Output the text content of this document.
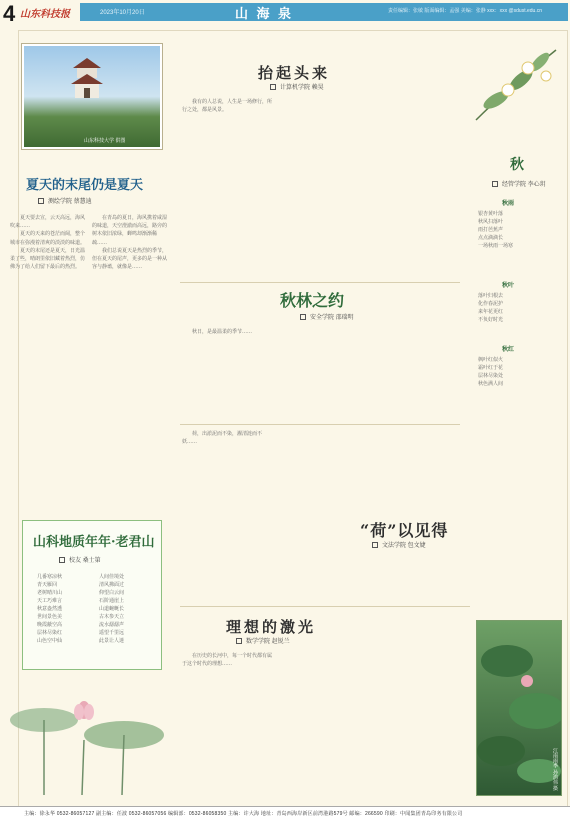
4 山东科技报	2023年10月20日	山 海 泉	责任编辑：张敏 版面编辑：孟强 美编：张静 xxx：xxx @sdust.edu.cn
山东科技大学 供图
夏天的末尾仍是夏天
测绘学院 蔡慧迪
夏天要去宣，云天高远，海风吹来……
夏天的天来的苍茫而阔，整个城市在弥漫着清爽的淡淡的味道。
夏天的末尾还是夏天，日光温柔了些，晴朗里依旧藏着热烈，仿佛为了给人们留下最后的热烈。
在青岛的夏日，海风携着咸湿的味道，天空澄澈而高远，路旁的树木依旧浓绿，蝉鸣却渐渐稀疏……
我们总说夏天是热烈的季节，但在夏天的尾声，更多的是一种从容与静谧，就像是……
山科地质年年·老君山
校友 桑士第
几番寒凉秋
青天雁回
老树晴川山
天工巧难言
秋意盎然透
世间景色美
晚霞蔽空高
层林尽染红
山色空中仙
人间佳境处
清风拂面过
仰望白云间
石阶通崖上
山道蜿蜒长
古木参天立
流水潺潺声
遥望千里远
此景让人迷
抬起头来
计算机学院 赖昊
我有的人总说，人生是一场修行，所行之处，都是风景。
秋林之约
安全学院 邵瑞明
秋日，是最温柔的季节……
“荷”以见得
文法学院 包文婕
荷，出淤泥而不染，濯清涟而不妖……
理想的激光
数学学院 赵锐兰
在历史的长河中，每一个时代都有属于这个时代的理想……
秋
经管学院 李心玥
秋雨
银杏黄叶落
秋风扫落叶
雨打芭蕉声
点点滴滴长
一场秋雨一场寒
秋叶
落叶归根去
化作春泥护
来年花更红
不负好时光
秋红
枫叶红似火
霜叶红于花
层林尽染处
秋色满人间
江南雨季 孙鸿伟 摄
主编：徐永华 0532-86057127 副主编：任波 0532-86057056 编辑部：0532-86058350 主编：许大海 地址：青岛西海岸新区前湾港路579号 邮编：266590 印刷：中闻集团青岛印务有限公司
